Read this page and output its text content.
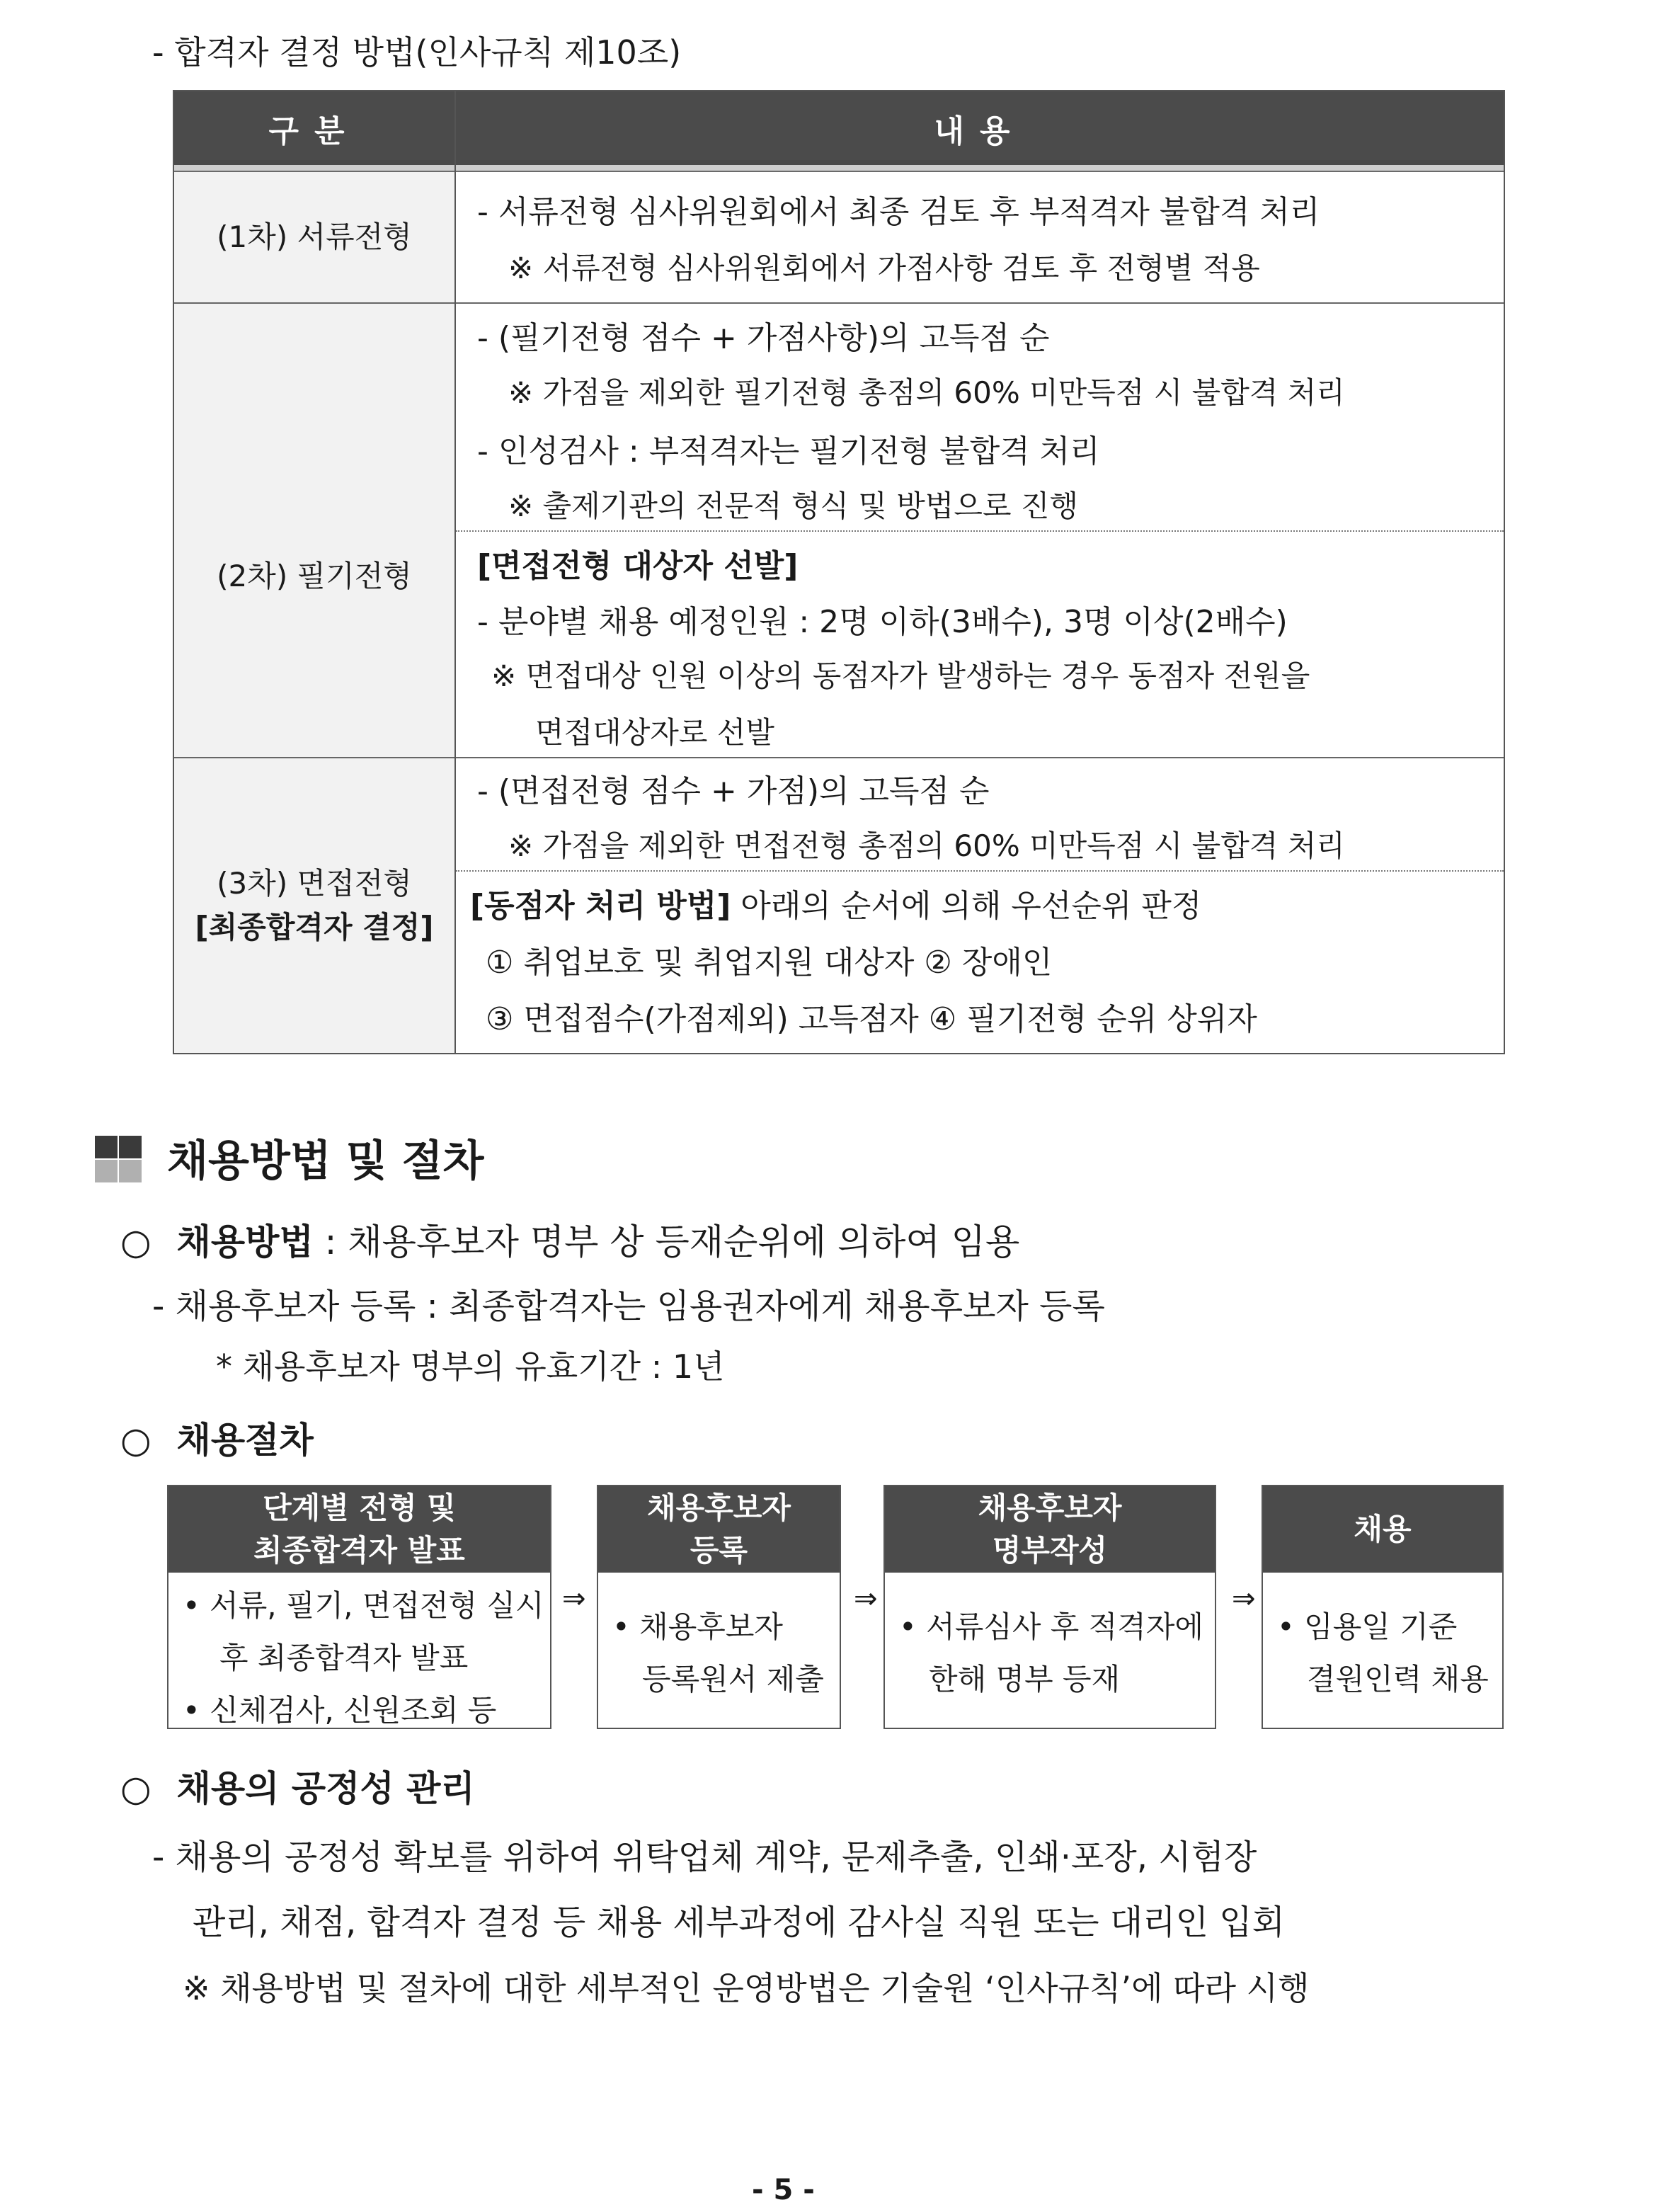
- 합격자 결정 방법(인사규칙 제10조)
구분	내용
(1차) 서류전형
- 서류전형 심사위원회에서 최종 검토 후 부적격자 불합격 처리
※ 서류전형 심사위원회에서 가점사항 검토 후 전형별 적용
(2차) 필기전형
- (필기전형 점수 + 가점사항)의 고득점 순
※ 가점을 제외한 필기전형 총점의 60% 미만득점 시 불합격 처리
- 인성검사 : 부적격자는 필기전형 불합격 처리
※ 출제기관의 전문적 형식 및 방법으로 진행
[면접전형 대상자 선발]
- 분야별 채용 예정인원 : 2명 이하(3배수), 3명 이상(2배수)
※ 면접대상 인원 이상의 동점자가 발생하는 경우 동점자 전원을
면접대상자로 선발
(3차) 면접전형
[최종합격자 결정]
- (면접전형 점수 + 가점)의 고득점 순
※ 가점을 제외한 면접전형 총점의 60% 미만득점 시 불합격 처리
[동점자 처리 방법] 아래의 순서에 의해 우선순위 판정
① 취업보호 및 취업지원 대상자 ② 장애인
③ 면접점수(가점제외) 고득점자 ④ 필기전형 순위 상위자
채용방법 및 절차
○ 채용방법 : 채용후보자 명부 상 등재순위에 의하여 임용
- 채용후보자 등록 : 최종합격자는 임용권자에게 채용후보자 등록
* 채용후보자 명부의 유효기간 : 1년
○ 채용절차
단계별 전형 및
최종합격자 발표
• 서류, 필기, 면접전형 실시
후 최종합격자 발표
• 신체검사, 신원조회 등
⇒
채용후보자
등록
• 채용후보자
등록원서 제출
⇒
채용후보자
명부작성
• 서류심사 후 적격자에
한해 명부 등재
⇒
채용
• 임용일 기준
결원인력 채용
○ 채용의 공정성 관리
- 채용의 공정성 확보를 위하여 위탁업체 계약, 문제추출, 인쇄·포장, 시험장
관리, 채점, 합격자 결정 등 채용 세부과정에 감사실 직원 또는 대리인 입회
※ 채용방법 및 절차에 대한 세부적인 운영방법은 기술원 ‘인사규칙’에 따라 시행
- 5 -
